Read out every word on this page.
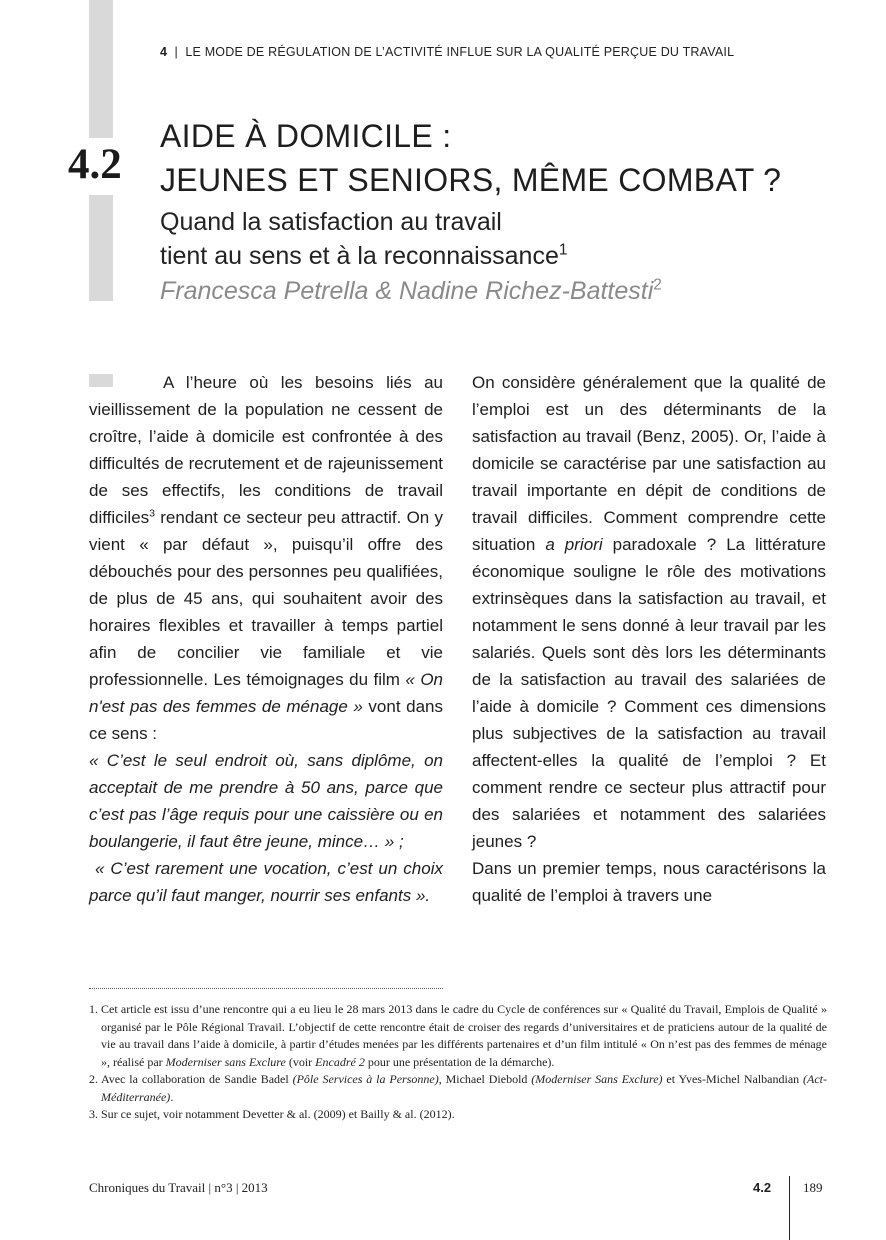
4 | LE MODE DE RÉGULATION DE L’ACTIVITÉ INFLUE SUR LA QUALITÉ PERÇUE DU TRAVAIL
4.2
AIDE À DOMICILE :
JEUNES ET SENIORS, MÊME COMBAT ?
Quand la satisfaction au travail
tient au sens et à la reconnaissance$^1$
Francesca Petrella & Nadine Richez-Battesti$^2$

A l’heure où les besoins liés au vieillissement de la population ne cessent de croître, l’aide à domicile est confrontée à des difficultés de recrutement et de rajeunissement de ses effectifs, les conditions de travail difficiles$^3$ rendant ce secteur peu attractif. On y vient « par défaut », puisqu’il offre des débouchés pour des personnes peu qualifiées, de plus de 45 ans, qui souhaitent avoir des horaires flexibles et travailler à temps partiel afin de concilier vie familiale et vie professionnelle. Les témoignages du film « On n'est pas des femmes de ménage » vont dans ce sens :

« C’est le seul endroit où, sans diplôme, on acceptait de me prendre à 50 ans, parce que c’est pas l’âge requis pour une caissière ou en boulangerie, il faut être jeune, mince… » ;

« C’est rarement une vocation, c’est un choix parce qu’il faut manger, nourrir ses enfants ».

On considère généralement que la qualité de l’emploi est un des déterminants de la satisfaction au travail (Benz, 2005). Or, l’aide à domicile se caractérise par une satisfaction au travail importante en dépit de conditions de travail difficiles. Comment comprendre cette situation a priori paradoxale ? La littérature économique souligne le rôle des motivations extrinsèques dans la satisfaction au travail, et notamment le sens donné à leur travail par les salariés. Quels sont dès lors les déterminants de la satisfaction au travail des salariées de l’aide à domicile ? Comment ces dimensions plus subjectives de la satisfaction au travail affectent-elles la qualité de l’emploi ? Et comment rendre ce secteur plus attractif pour des salariées et notamment des salariées jeunes ?

Dans un premier temps, nous caractérisons la qualité de l’emploi à travers une

1. Cet article est issu d’une rencontre qui a eu lieu le 28 mars 2013 dans le cadre du Cycle de conférences sur « Qualité du Travail, Emplois de Qualité » organisé par le Pôle Régional Travail. L’objectif de cette rencontre était de croiser des regards d’universitaires et de praticiens autour de la qualité de vie au travail dans l’aide à domicile, à partir d’études menées par les différents partenaires et d’un film intitulé « On n’est pas des femmes de ménage », réalisé par Moderniser sans Exclure (voir Encadré 2 pour une présentation de la démarche).
2. Avec la collaboration de Sandie Badel (Pôle Services à la Personne), Michael Diebold (Moderniser Sans Exclure) et Yves-Michel Nalbandian (Act-Méditerranée).
3. Sur ce sujet, voir notamment Devetter & al. (2009) et Bailly & al. (2012).
Chroniques du Travail | n°3 | 2013	4.2 189
